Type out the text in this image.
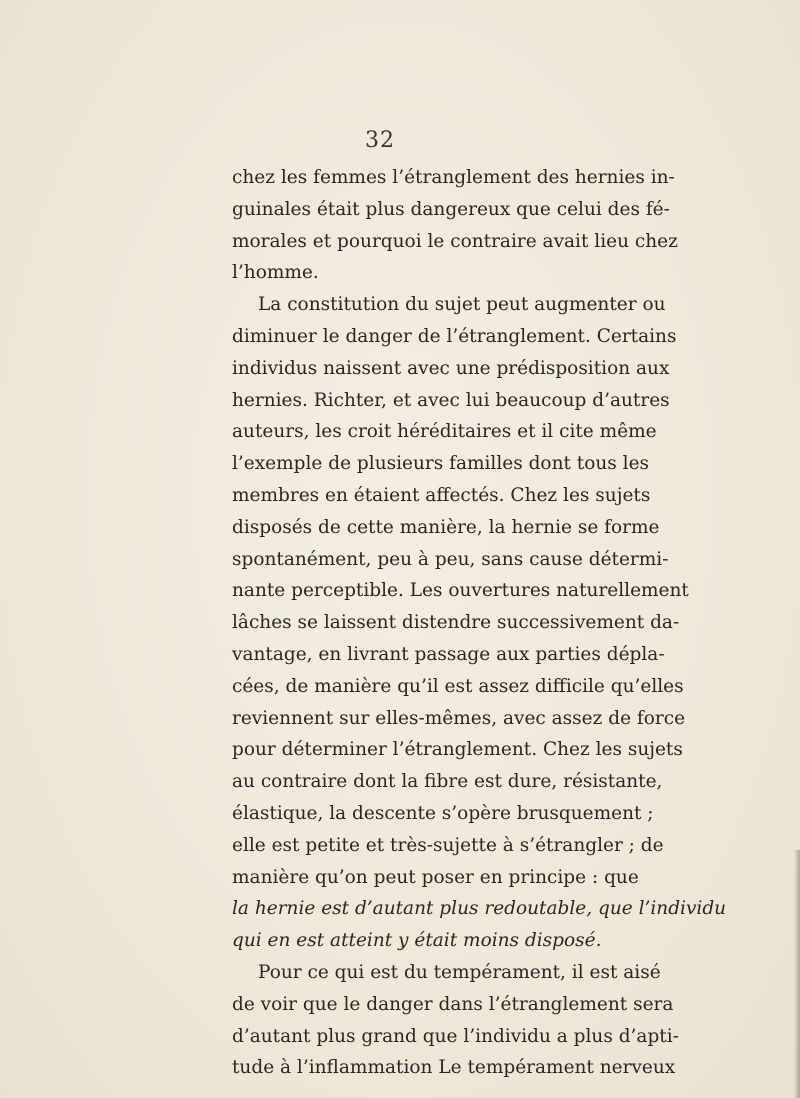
32
chez les femmes l’étranglement des hernies in-
guinales était plus dangereux que celui des fé-
morales et pourquoi le contraire avait lieu chez
l’homme.
La constitution du sujet peut augmenter ou
diminuer le danger de l’étranglement. Certains
individus naissent avec une prédisposition aux
hernies. Richter, et avec lui beaucoup d’autres
auteurs, les croit héréditaires et il cite même
l’exemple de plusieurs familles dont tous les
membres en étaient affectés. Chez les sujets
disposés de cette manière, la hernie se forme
spontanément, peu à peu, sans cause détermi-
nante perceptible. Les ouvertures naturellement
lâches se laissent distendre successivement da-
vantage, en livrant passage aux parties dépla-
cées, de manière qu’il est assez difficile qu’elles
reviennent sur elles-mêmes, avec assez de force
pour déterminer l’étranglement. Chez les sujets
au contraire dont la fibre est dure, résistante,
élastique, la descente s’opère brusquement ;
elle est petite et très-sujette à s’étrangler ; de
manière qu’on peut poser en principe : que
la hernie est d’autant plus redoutable, que l’individu
qui en est atteint y était moins disposé.
Pour ce qui est du tempérament, il est aisé
de voir que le danger dans l’étranglement sera
d’autant plus grand que l’individu a plus d’apti-
tude à l’inflammation Le tempérament nerveux
